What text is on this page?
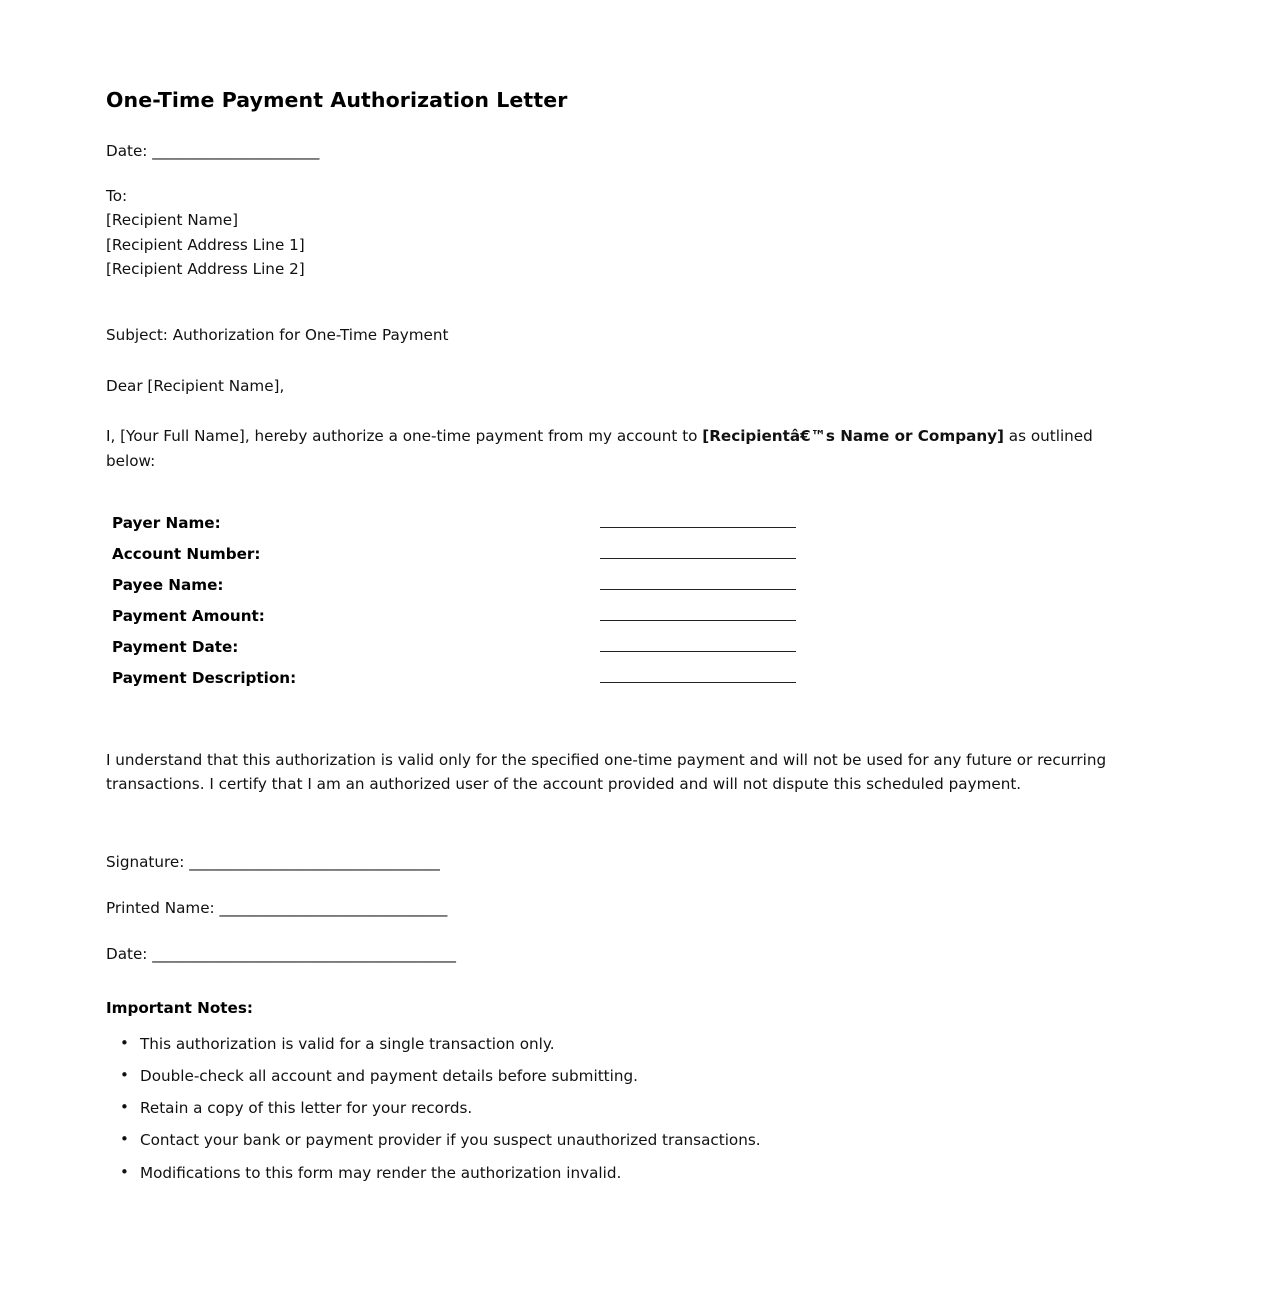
One-Time Payment Authorization Letter
Date: ______________________
To:
[Recipient Name]
[Recipient Address Line 1]
[Recipient Address Line 2]
Subject: Authorization for One-Time Payment
Dear [Recipient Name],
I, [Your Full Name], hereby authorize a one-time payment from my account to [Recipientâ€™s Name or Company] as outlined below:
Payer Name:
Account Number:
Payee Name:
Payment Amount:
Payment Date:
Payment Description:
I understand that this authorization is valid only for the specified one-time payment and will not be used for any future or recurring transactions. I certify that I am an authorized user of the account provided and will not dispute this scheduled payment.
Signature: _________________________________
Printed Name: ______________________________
Date: ________________________________________
Important Notes:
• This authorization is valid for a single transaction only.
• Double-check all account and payment details before submitting.
• Retain a copy of this letter for your records.
• Contact your bank or payment provider if you suspect unauthorized transactions.
• Modifications to this form may render the authorization invalid.
